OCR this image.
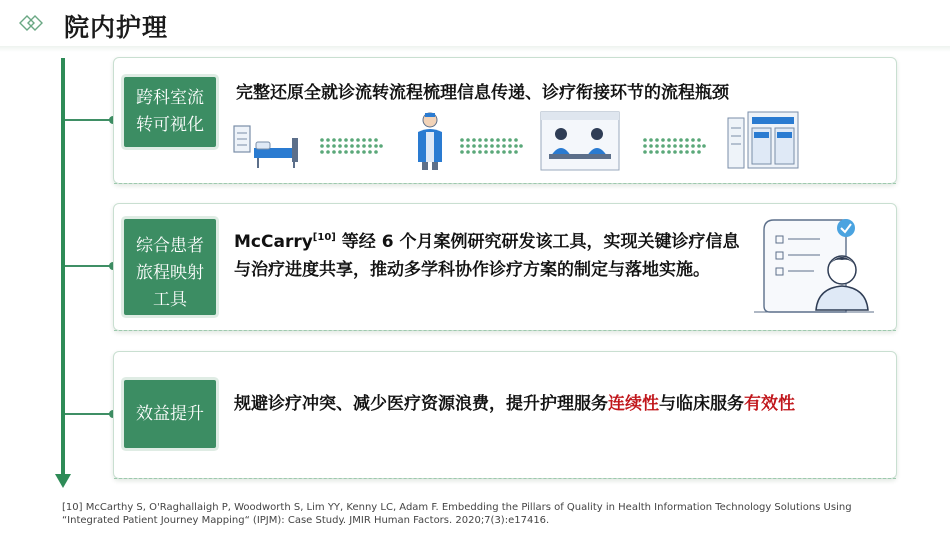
院内护理
跨科室流
转可视化
完整还原全就诊流转流程梳理信息传递、诊疗衔接环节的流程瓶颈
综合患者
旅程映射
工具
McCarry[10] 等经 6 个月案例研究研发该工具，实现关键诊疗信息与治疗进度共享，推动多学科协作诊疗方案的制定与落地实施。
效益提升	规避诊疗冲突、减少医疗资源浪费，提升护理服务连续性与临床服务有效性
[10] McCarthy S, O'Raghallaigh P, Woodworth S, Lim YY, Kenny LC, Adam F. Embedding the Pillars of Quality in Health Information Technology Solutions Using “Integrated Patient Journey Mapping“ (IPJM): Case Study. JMIR Human Factors. 2020;7(3):e17416.
